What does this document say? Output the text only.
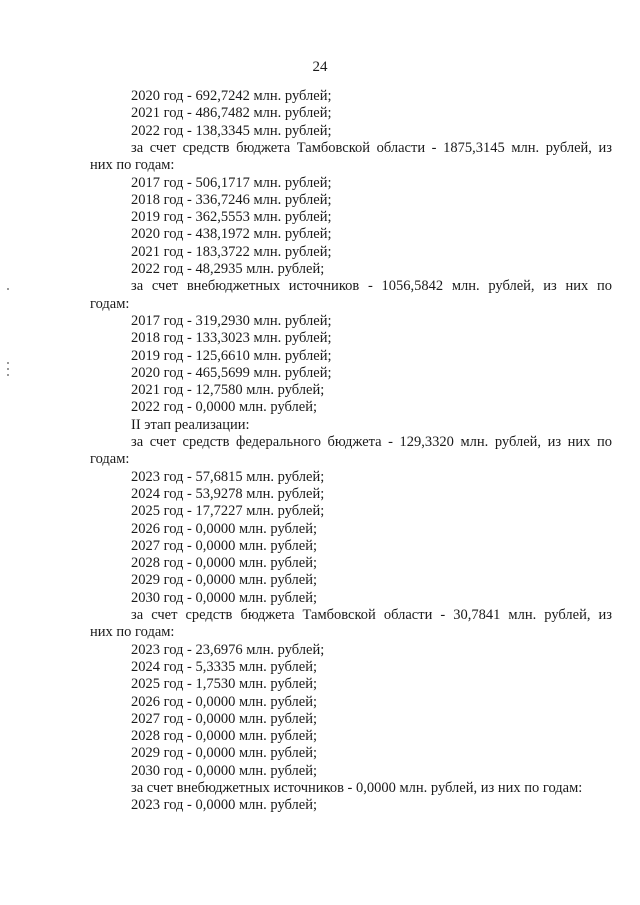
24
2020 год - 692,7242 млн. рублей;
2021 год - 486,7482 млн. рублей;
2022 год - 138,3345 млн. рублей;
за счет средств бюджета Тамбовской области - 1875,3145 млн. рублей, из
них по годам:
2017 год - 506,1717 млн. рублей;
2018 год - 336,7246 млн. рублей;
2019 год - 362,5553 млн. рублей;
2020 год - 438,1972 млн. рублей;
2021 год - 183,3722 млн. рублей;
2022 год - 48,2935 млн. рублей;
за счет внебюджетных источников - 1056,5842 млн. рублей, из них по
годам:
2017 год - 319,2930 млн. рублей;
2018 год - 133,3023 млн. рублей;
2019 год - 125,6610 млн. рублей;
2020 год - 465,5699 млн. рублей;
2021 год - 12,7580 млн. рублей;
2022 год - 0,0000 млн. рублей;
II этап реализации:
за счет средств федерального бюджета - 129,3320 млн. рублей, из них по
годам:
2023 год - 57,6815 млн. рублей;
2024 год - 53,9278 млн. рублей;
2025 год - 17,7227 млн. рублей;
2026 год - 0,0000 млн. рублей;
2027 год - 0,0000 млн. рублей;
2028 год - 0,0000 млн. рублей;
2029 год - 0,0000 млн. рублей;
2030 год - 0,0000 млн. рублей;
за счет средств бюджета Тамбовской области - 30,7841 млн. рублей, из
них по годам:
2023 год - 23,6976 млн. рублей;
2024 год - 5,3335 млн. рублей;
2025 год - 1,7530 млн. рублей;
2026 год - 0,0000 млн. рублей;
2027 год - 0,0000 млн. рублей;
2028 год - 0,0000 млн. рублей;
2029 год - 0,0000 млн. рублей;
2030 год - 0,0000 млн. рублей;
за счет внебюджетных источников - 0,0000 млн. рублей, из них по годам:
2023 год - 0,0000 млн. рублей;
